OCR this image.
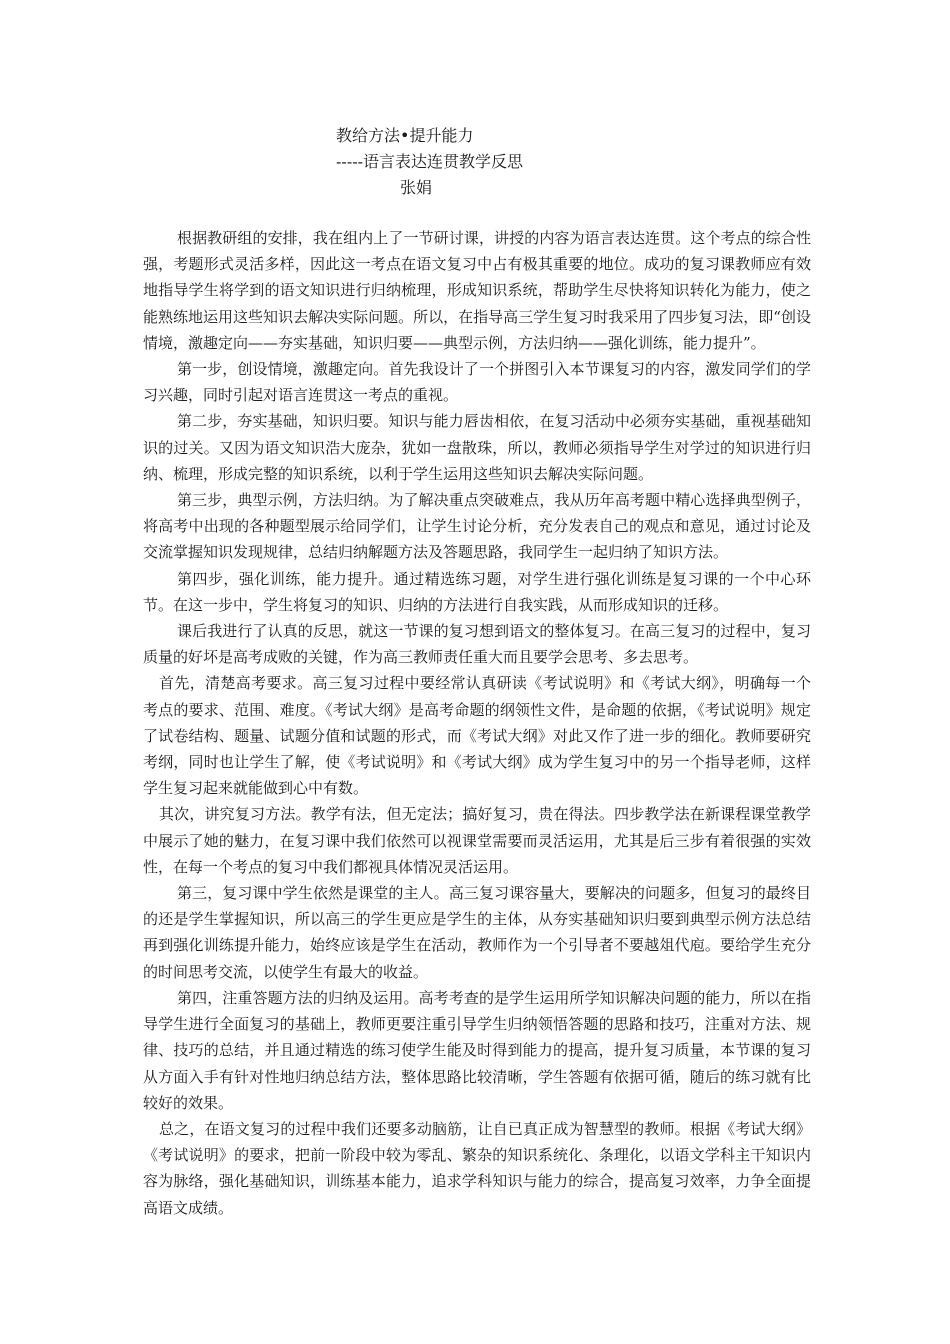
教给方法•提升能力
-----语言表达连贯教学反思
张娟

根据教研组的安排，我在组内上了一节研讨课，讲授的内容为语言表达连贯。这个考点的综合性强，考题形式灵活多样，因此这一考点在语文复习中占有极其重要的地位。成功的复习课教师应有效地指导学生将学到的语文知识进行归纳梳理，形成知识系统，帮助学生尽快将知识转化为能力，使之能熟练地运用这些知识去解决实际问题。所以，在指导高三学生复习时我采用了四步复习法，即“创设情境，激趣定向——夯实基础，知识归要——典型示例，方法归纳——强化训练，能力提升”。

第一步，创设情境，激趣定向。首先我设计了一个拼图引入本节课复习的内容，激发同学们的学习兴趣，同时引起对语言连贯这一考点的重视。

第二步，夯实基础，知识归要。知识与能力唇齿相依，在复习活动中必须夯实基础，重视基础知识的过关。又因为语文知识浩大庞杂，犹如一盘散珠，所以，教师必须指导学生对学过的知识进行归纳、梳理，形成完整的知识系统，以利于学生运用这些知识去解决实际问题。

第三步，典型示例，方法归纳。为了解决重点突破难点，我从历年高考题中精心选择典型例子，将高考中出现的各种题型展示给同学们，让学生讨论分析，充分发表自己的观点和意见，通过讨论及交流掌握知识发现规律，总结归纳解题方法及答题思路，我同学生一起归纳了知识方法。

第四步，强化训练，能力提升。通过精选练习题，对学生进行强化训练是复习课的一个中心环节。在这一步中，学生将复习的知识、归纳的方法进行自我实践，从而形成知识的迁移。

课后我进行了认真的反思，就这一节课的复习想到语文的整体复习。在高三复习的过程中，复习质量的好坏是高考成败的关键，作为高三教师责任重大而且要学会思考、多去思考。

首先，清楚高考要求。高三复习过程中要经常认真研读《考试说明》和《考试大纲》，明确每一个考点的要求、范围、难度。《考试大纲》是高考命题的纲领性文件，是命题的依据，《考试说明》规定了试卷结构、题量、试题分值和试题的形式，而《考试大纲》对此又作了进一步的细化。教师要研究考纲，同时也让学生了解，使《考试说明》和《考试大纲》成为学生复习中的另一个指导老师，这样学生复习起来就能做到心中有数。

其次，讲究复习方法。教学有法，但无定法；搞好复习，贵在得法。四步教学法在新课程课堂教学中展示了她的魅力，在复习课中我们依然可以视课堂需要而灵活运用，尤其是后三步有着很强的实效性，在每一个考点的复习中我们都视具体情况灵活运用。

第三，复习课中学生依然是课堂的主人。高三复习课容量大，要解决的问题多，但复习的最终目的还是学生掌握知识，所以高三的学生更应是学生的主体，从夯实基础知识归要到典型示例方法总结再到强化训练提升能力，始终应该是学生在活动，教师作为一个引导者不要越俎代庖。要给学生充分的时间思考交流，以使学生有最大的收益。

第四，注重答题方法的归纳及运用。高考考查的是学生运用所学知识解决问题的能力，所以在指导学生进行全面复习的基础上，教师更要注重引导学生归纳领悟答题的思路和技巧，注重对方法、规律、技巧的总结，并且通过精选的练习使学生能及时得到能力的提高，提升复习质量，本节课的复习从方面入手有针对性地归纳总结方法，整体思路比较清晰，学生答题有依据可循，随后的练习就有比较好的效果。

总之，在语文复习的过程中我们还要多动脑筋，让自已真正成为智慧型的教师。根据《考试大纲》《考试说明》的要求，把前一阶段中较为零乱、繁杂的知识系统化、条理化，以语文学科主干知识内容为脉络，强化基础知识，训练基本能力，追求学科知识与能力的综合，提高复习效率，力争全面提高语文成绩。
